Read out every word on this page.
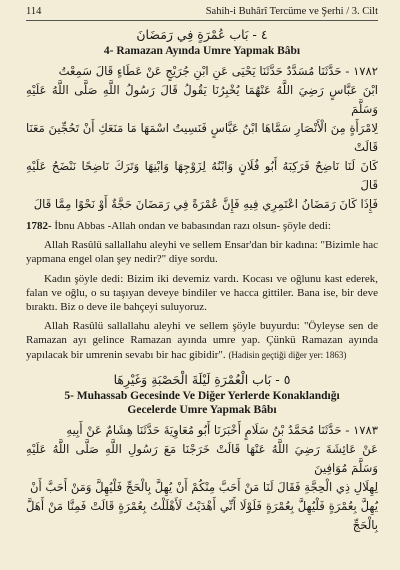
114	Sahih-i Buhârî Tercüme ve Şerhi / 3. Cilt

٤ - بَاب عُمْرَةٍ فِي رَمَضَانَ

4- Ramazan Ayında Umre Yapmak Bâbı

١٧٨٢ - حَدَّثَنَا مُسَدَّدٌ حَدَّثَنَا يَحْيَى عَنِ ابْنِ جُرَيْجٍ عَنْ عَطَاءٍ قَالَ سَمِعْتُ

ابْنَ عَبَّاسٍ رَضِيَ اللَّهُ عَنْهُمَا يُخْبِرُنَا يَقُولُ قَالَ رَسُولُ اللَّهِ صَلَّى اللَّهُ عَلَيْهِ وَسَلَّمَ

لِامْرَأَةٍ مِنَ الْأَنْصَارِ سَمَّاهَا ابْنُ عَبَّاسٍ فَنَسِيتُ اسْمَهَا مَا مَنَعَكِ أَنْ تَحُجِّينَ مَعَنَا قَالَتْ

كَانَ لَنَا نَاضِحٌ فَرَكِبَهُ أَبُو فُلَانٍ وَابْنُهُ لِزَوْجِهَا وَابْنِهَا وَتَرَكَ نَاضِحًا نَنْضَحُ عَلَيْهِ قَالَ

فَإِذَا كَانَ رَمَضَانُ اعْتَمِرِي فِيهِ فَإِنَّ عُمْرَةً فِي رَمَضَانَ حَجَّةٌ أَوْ نَحْوًا مِمَّا قَالَ

1782- İbnu Abbas -Allah ondan ve babasından razı olsun- şöyle dedi:

Allah Rasûlü sallallahu aleyhi ve sellem Ensar'dan bir kadına: "Bizimle hac yapmana engel olan şey nedir?" diye sordu.

Kadın şöyle dedi: Bizim iki devemiz vardı. Kocası ve oğlunu kast ederek, falan ve oğlu, o su taşıyan deveye bindiler ve hacca gittiler. Bana ise, bir deve bıraktı. Biz o deve ile bahçeyi suluyoruz.

Allah Rasûlü sallallahu aleyhi ve sellem şöyle buyurdu: "Öyleyse sen de Ramazan ayı gelince Ramazan ayında umre yap. Çünkü Ramazan ayında yapılacak bir umrenin sevabı bir hac gibidir". (Hadisin geçtiği diğer yer: 1863)

٥ - بَاب الْعُمْرَةِ لَيْلَةَ الْحَصْبَةِ وَغَيْرِهَا

5- Muhassab Gecesinde Ve Diğer Yerlerde Konaklandığı
Gecelerde Umre Yapmak Bâbı

١٧٨٣ - حَدَّثَنَا مُحَمَّدُ بْنُ سَلَامٍ أَخْبَرَنَا أَبُو مُعَاوِيَةَ حَدَّثَنَا هِشَامٌ عَنْ أَبِيهِ

عَنْ عَائِشَةَ رَضِيَ اللَّهُ عَنْهَا قَالَتْ خَرَجْنَا مَعَ رَسُولِ اللَّهِ صَلَّى اللَّهُ عَلَيْهِ وَسَلَّمَ مُوَافِينَ

لِهِلَالِ ذِي الْحِجَّةِ فَقَالَ لَنَا مَنْ أَحَبَّ مِنْكُمْ أَنْ يُهِلَّ بِالْحَجِّ فَلْيُهِلَّ وَمَنْ أَحَبَّ أَنْ

يُهِلَّ بِعُمْرَةٍ فَلْيُهِلَّ بِعُمْرَةٍ فَلَوْلَا أَنِّي أَهْدَيْتُ لَأَهْلَلْتُ بِعُمْرَةٍ قَالَتْ فَمِنَّا مَنْ أَهَلَّ بِالْحَجِّ
